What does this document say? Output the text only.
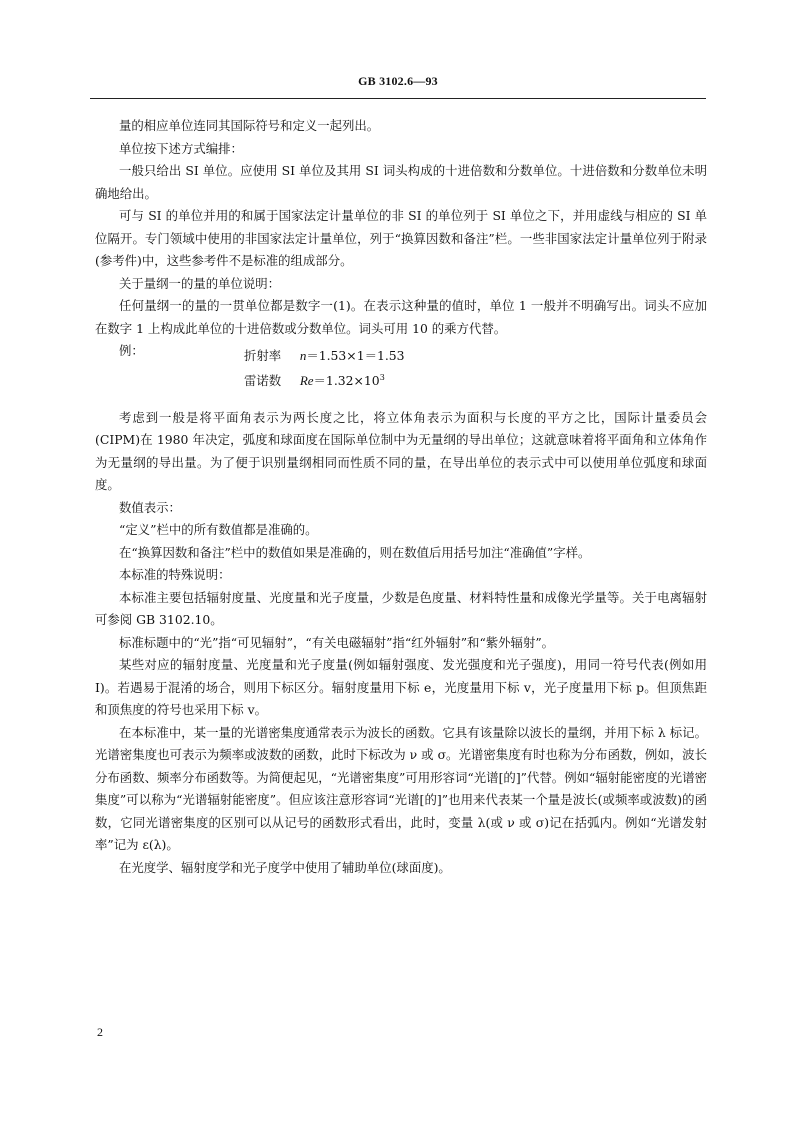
GB 3102.6—93

量的相应单位连同其国际符号和定义一起列出。

单位按下述方式编排：

一般只给出 SI 单位。应使用 SI 单位及其用 SI 词头构成的十进倍数和分数单位。十进倍数和分数单位未明确地给出。

可与 SI 的单位并用的和属于国家法定计量单位的非 SI 的单位列于 SI 单位之下，并用虚线与相应的 SI 单位隔开。专门领域中使用的非国家法定计量单位，列于“换算因数和备注”栏。一些非国家法定计量单位列于附录(参考件)中，这些参考件不是标准的组成部分。

关于量纲一的量的单位说明：

任何量纲一的量的一贯单位都是数字一(1)。在表示这种量的值时，单位 1 一般并不明确写出。词头不应加在数字 1 上构成此单位的十进倍数或分数单位。词头可用 10 的乘方代替。

例：

考虑到一般是将平面角表示为两长度之比，将立体角表示为面积与长度的平方之比，国际计量委员会(CIPM)在 1980 年决定，弧度和球面度在国际单位制中为无量纲的导出单位；这就意味着将平面角和立体角作为无量纲的导出量。为了便于识别量纲相同而性质不同的量，在导出单位的表示式中可以使用单位弧度和球面度。

数值表示：

“定义”栏中的所有数值都是准确的。

在“换算因数和备注”栏中的数值如果是准确的，则在数值后用括号加注“准确值”字样。

本标准的特殊说明：

本标准主要包括辐射度量、光度量和光子度量，少数是色度量、材料特性量和成像光学量等。关于电离辐射可参阅 GB 3102.10。

标准标题中的“光”指“可见辐射”，“有关电磁辐射”指“红外辐射”和“紫外辐射”。

某些对应的辐射度量、光度量和光子度量(例如辐射强度、发光强度和光子强度)，用同一符号代表(例如用 I)。若遇易于混淆的场合，则用下标区分。辐射度量用下标 e，光度量用下标 v，光子度量用下标 p。但顶焦距和顶焦度的符号也采用下标 v。

在本标准中，某一量的光谱密集度通常表示为波长的函数。它具有该量除以波长的量纲，并用下标 λ 标记。光谱密集度也可表示为频率或波数的函数，此时下标改为 ν 或 σ。光谱密集度有时也称为分布函数，例如，波长分布函数、频率分布函数等。为简便起见，“光谱密集度”可用形容词“光谱[的]”代替。例如“辐射能密度的光谱密集度”可以称为“光谱辐射能密度”。但应该注意形容词“光谱[的]”也用来代表某一个量是波长(或频率或波数)的函数，它同光谱密集度的区别可以从记号的函数形式看出，此时，变量 λ(或 ν 或 σ)记在括弧内。例如“光谱发射率”记为 ε(λ)。

在光度学、辐射度学和光子度学中使用了辅助单位(球面度)。

折射率 n＝1.53×1＝1.53
雷诺数 $Re=1.32\times 10^3$
2
